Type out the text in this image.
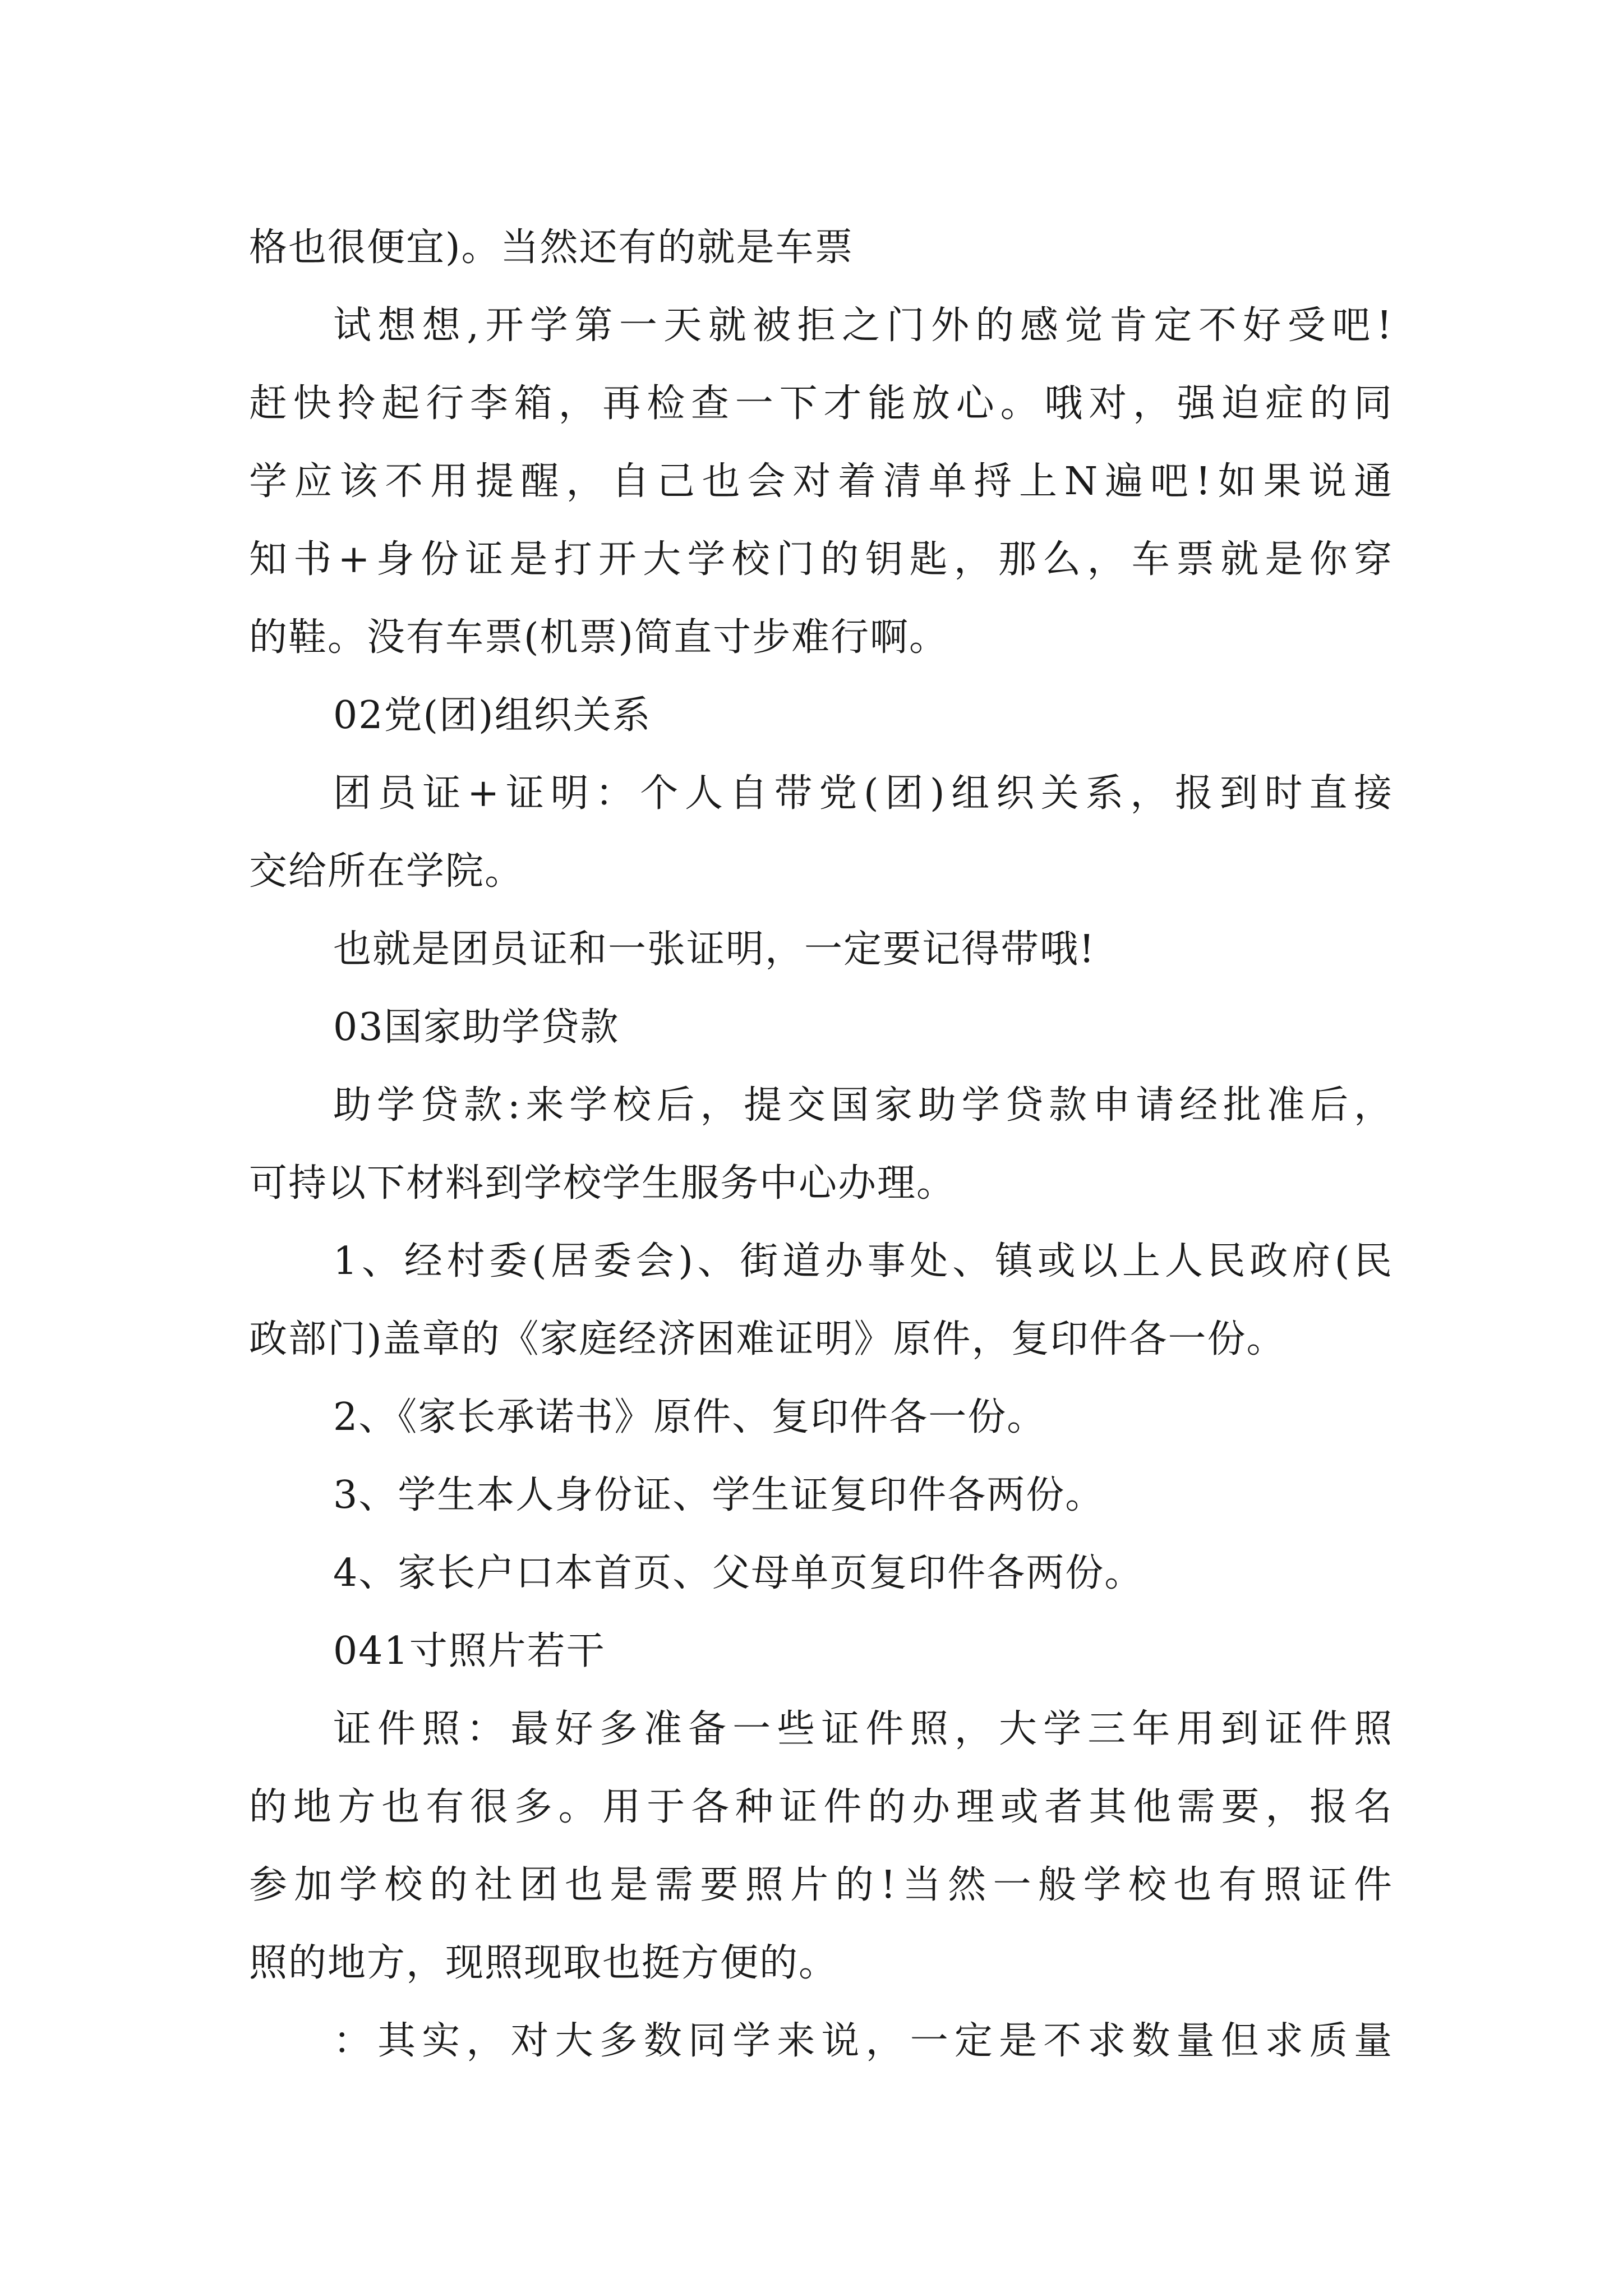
格也很便宜)。当然还有的就是车票
试想想,开学第一天就被拒之门外的感觉肯定不好受吧!
赶快拎起行李箱，再检查一下才能放心。哦对，强迫症的同
学应该不用提醒，自己也会对着清单捋上N遍吧!如果说通
知书+身份证是打开大学校门的钥匙，那么，车票就是你穿
的鞋。没有车票(机票)简直寸步难行啊。
02党(团)组织关系
团员证+证明：个人自带党(团)组织关系，报到时直接
交给所在学院。
也就是团员证和一张证明，一定要记得带哦!
03国家助学贷款
助学贷款:来学校后，提交国家助学贷款申请经批准后，
可持以下材料到学校学生服务中心办理。
1、经村委(居委会)、街道办事处、镇或以上人民政府(民
政部门)盖章的《家庭经济困难证明》原件，复印件各一份。
2、《家长承诺书》原件、复印件各一份。
3、学生本人身份证、学生证复印件各两份。
4、家长户口本首页、父母单页复印件各两份。
041寸照片若干
证件照：最好多准备一些证件照，大学三年用到证件照
的地方也有很多。用于各种证件的办理或者其他需要，报名
参加学校的社团也是需要照片的!当然一般学校也有照证件
照的地方，现照现取也挺方便的。
：其实，对大多数同学来说，一定是不求数量但求质量
